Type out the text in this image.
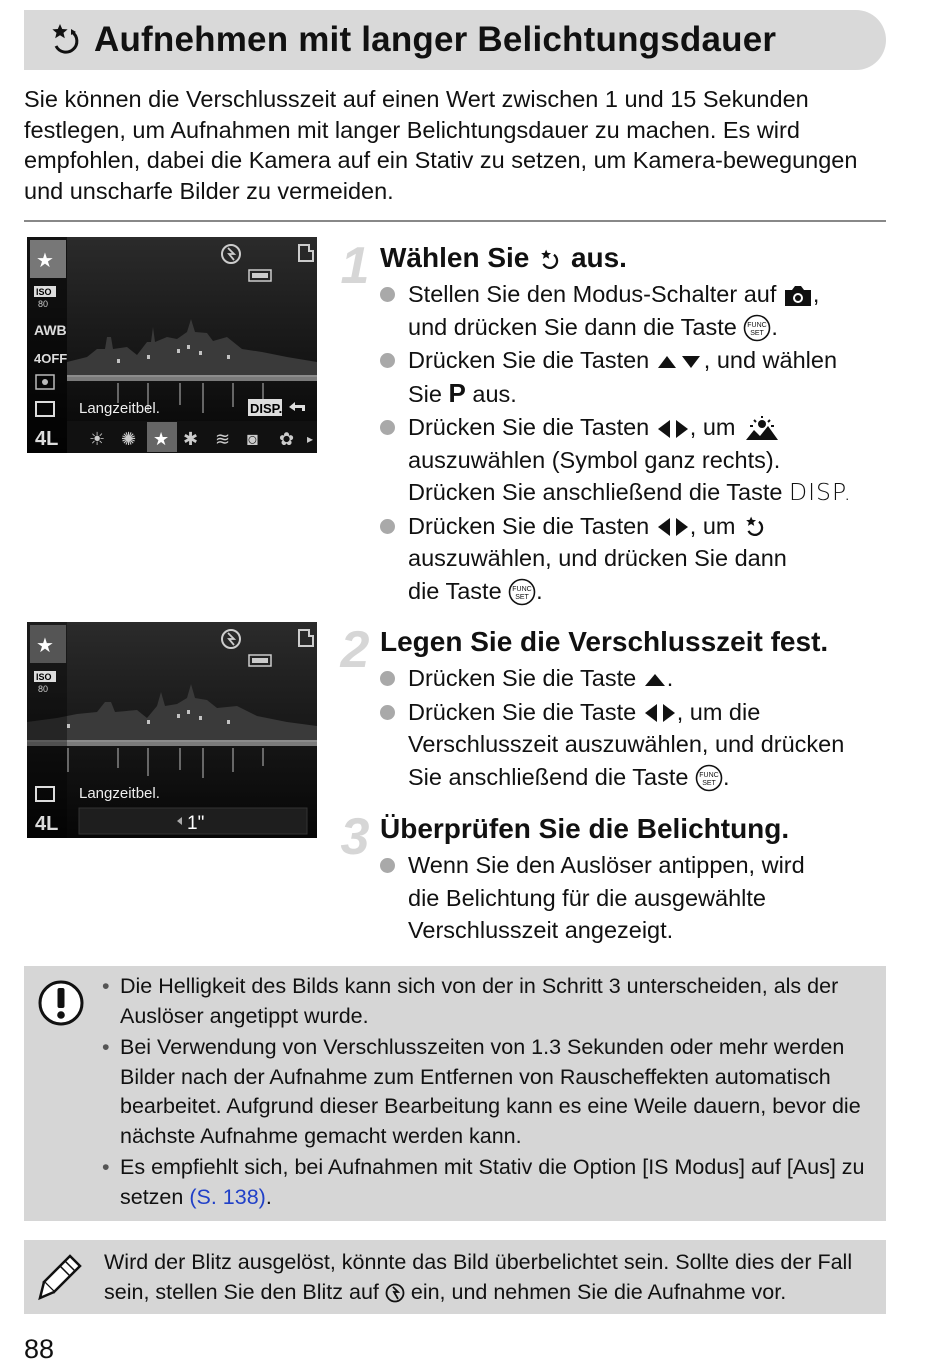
Aufnehmen mit langer Belichtungsdauer

Sie können die Verschlusszeit auf einen Wert zwischen 1 und 15 Sekunden festlegen, um Aufnahmen mit langer Belichtungsdauer zu machen. Es wird empfohlen, dabei die Kamera auf ein Stativ zu setzen, um Kamera-bewegungen und unscharfe Bilder zu vermeiden.

★
ISO
80
AWB
4OFF
4L
Langzeitbel.	DISP.
☀ ✺ ★ ✱ ≋ ◙ ✿ ▸
★
ISO
80
4L
Langzeitbel.
1"
1 Wählen Sie aus.
Stellen Sie den Modus-Schalter auf ,
und drücken Sie dann die Taste FUNC
SET .
Drücken Sie die Tasten , und wählen
Sie P aus.
Drücken Sie die Tasten , um
auszuwählen (Symbol ganz rechts).
Drücken Sie anschließend die Taste DISP.
Drücken Sie die Tasten , um
auszuwählen, und drücken Sie dann
die Taste FUNC
SET .
2 Legen Sie die Verschlusszeit fest.
Drücken Sie die Taste .
Drücken Sie die Taste , um die
Verschlusszeit auszuwählen, und drücken
Sie anschließend die Taste FUNC
SET .
3 Überprüfen Sie die Belichtung.
Wenn Sie den Auslöser antippen, wird die Belichtung für die ausgewählte Verschlusszeit angezeigt.
• Die Helligkeit des Bilds kann sich von der in Schritt 3 unterscheiden, als der Auslöser angetippt wurde.
• Bei Verwendung von Verschlusszeiten von 1.3 Sekunden oder mehr werden Bilder nach der Aufnahme zum Entfernen von Rauscheffekten automatisch bearbeitet. Aufgrund dieser Bearbeitung kann es eine Weile dauern, bevor die nächste Aufnahme gemacht werden kann.
• Es empfiehlt sich, bei Aufnahmen mit Stativ die Option [IS Modus] auf [Aus] zu setzen (S. 138).

Wird der Blitz ausgelöst, könnte das Bild überbelichtet sein. Sollte dies der Fall sein, stellen Sie den Blitz auf ein, und nehmen Sie die Aufnahme vor.

88
